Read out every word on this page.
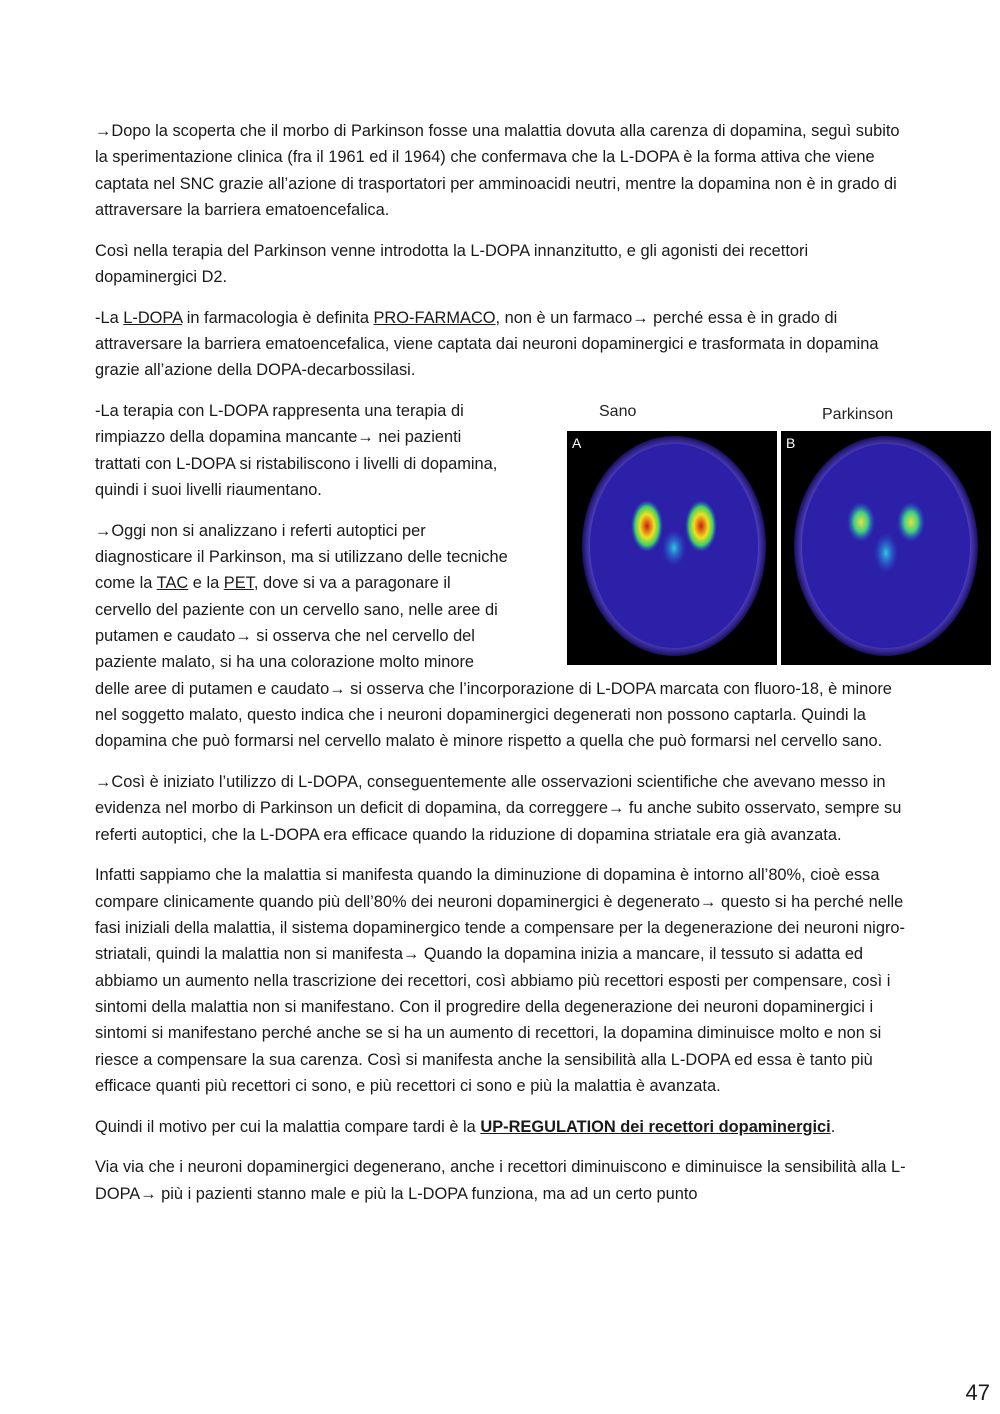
→Dopo la scoperta che il morbo di Parkinson fosse una malattia dovuta alla carenza di dopamina, seguì subito la sperimentazione clinica (fra il 1961 ed il 1964) che confermava che la L-DOPA è la forma attiva che viene captata nel SNC grazie all’azione di trasportatori per amminoacidi neutri, mentre la dopamina non è in grado di attraversare la barriera ematoencefalica.

Così nella terapia del Parkinson venne introdotta la L-DOPA innanzitutto, e gli agonisti dei recettori dopaminergici D2.

-La L-DOPA in farmacologia è definita PRO-FARMACO, non è un farmaco→ perché essa è in grado di attraversare la barriera ematoencefalica, viene captata dai neuroni dopaminergici e trasformata in dopamina grazie all’azione della DOPA-decarbossilasi.

-La terapia con L-DOPA rappresenta una terapia di rimpiazzo della dopamina mancante→ nei pazienti trattati con L-DOPA si ristabiliscono i livelli di dopamina, quindi i suoi livelli riaumentano.

→Oggi non si analizzano i referti autoptici per diagnosticare il Parkinson, ma si utilizzano delle tecniche come la TAC e la PET, dove si va a paragonare il cervello del paziente con un cervello sano, nelle aree di putamen e caudato→ si osserva che nel cervello del paziente malato, si ha una colorazione molto minore delle aree di putamen e caudato→ si osserva che l’incorporazione di L-DOPA marcata con fluoro-18, è minore nel soggetto malato, questo indica che i neuroni dopaminergici degenerati non possono captarla. Quindi la dopamina che può formarsi nel cervello malato è minore rispetto a quella che può formarsi nel cervello sano.

→Così è iniziato l’utilizzo di L-DOPA, conseguentemente alle osservazioni scientifiche che avevano messo in evidenza nel morbo di Parkinson un deficit di dopamina, da correggere→ fu anche subito osservato, sempre su referti autoptici, che la L-DOPA era efficace quando la riduzione di dopamina striatale era già avanzata.

Infatti sappiamo che la malattia si manifesta quando la diminuzione di dopamina è intorno all’80%, cioè essa compare clinicamente quando più dell’80% dei neuroni dopaminergici è degenerato→ questo si ha perché nelle fasi iniziali della malattia, il sistema dopaminergico tende a compensare per la degenerazione dei neuroni nigro-striatali, quindi la malattia non si manifesta→ Quando la dopamina inizia a mancare, il tessuto si adatta ed abbiamo un aumento nella trascrizione dei recettori, così abbiamo più recettori esposti per compensare, così i sintomi della malattia non si manifestano. Con il progredire della degenerazione dei neuroni dopaminergici i sintomi si manifestano perché anche se si ha un aumento di recettori, la dopamina diminuisce molto e non si riesce a compensare la sua carenza. Così si manifesta anche la sensibilità alla L-DOPA ed essa è tanto più efficace quanti più recettori ci sono, e più recettori ci sono e più la malattia è avanzata.

Quindi il motivo per cui la malattia compare tardi è la UP-REGULATION dei recettori dopaminergici.

Via via che i neuroni dopaminergici degenerano, anche i recettori diminuiscono e diminuisce la sensibilità alla L-DOPA→ più i pazienti stanno male e più la L-DOPA funziona, ma ad un certo punto

Sano	Parkinson
A	B
47
